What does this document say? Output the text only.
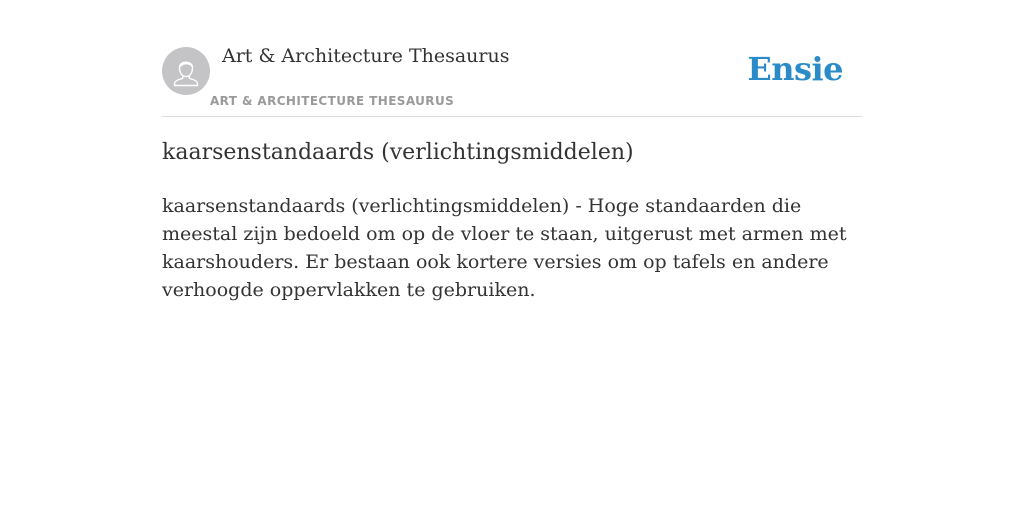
Art & Architecture Thesaurus
ART & ARCHITECTURE THESAURUS
Ensie
kaarsenstandaards (verlichtingsmiddelen)

kaarsenstandaards (verlichtingsmiddelen) - Hoge standaarden die meestal zijn bedoeld om op de vloer te staan, uitgerust met armen met kaarshouders. Er bestaan ook kortere versies om op tafels en andere verhoogde oppervlakken te gebruiken.
